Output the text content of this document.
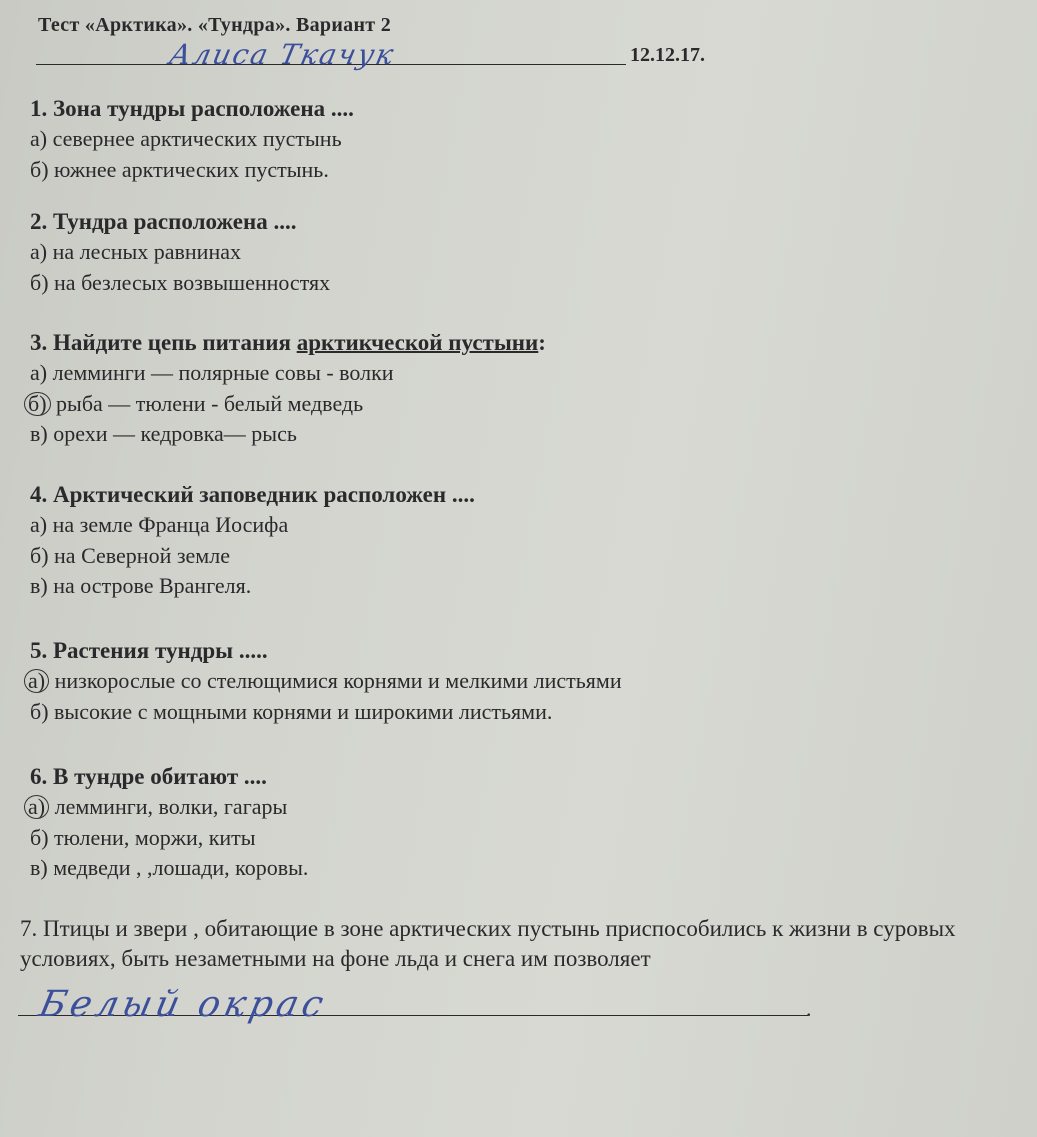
Тест «Арктика». «Тундра». Вариант 2
Алиса Ткачук	12.12.17.
1. Зона тундры расположена ....
а) севернее арктических пустынь
б) южнее арктических пустынь.
2. Тундра расположена ....
а) на лесных равнинах
б) на безлесых возвышенностях
3. Найдите цепь питания арктикческой пустыни:
а) лемминги — полярные совы - волки
б) рыба — тюлени - белый медведь
в) орехи — кедровка— рысь
4. Арктический заповедник расположен ....
а) на земле Франца Иосифа
б) на Северной земле
в) на острове Врангеля.
5. Растения тундры .....
а) низкорослые со стелющимися корнями и мелкими листьями
б) высокие с мощными корнями и широкими листьями.
6. В тундре обитают ....
а) лемминги, волки, гагары
б) тюлени, моржи, киты
в) медведи , ,лошади, коровы.
7. Птицы и звери , обитающие в зоне арктических пустынь приспособились к жизни в суровых условиях, быть незаметными на фоне льда и снега им позволяет
Белый окрас	.
